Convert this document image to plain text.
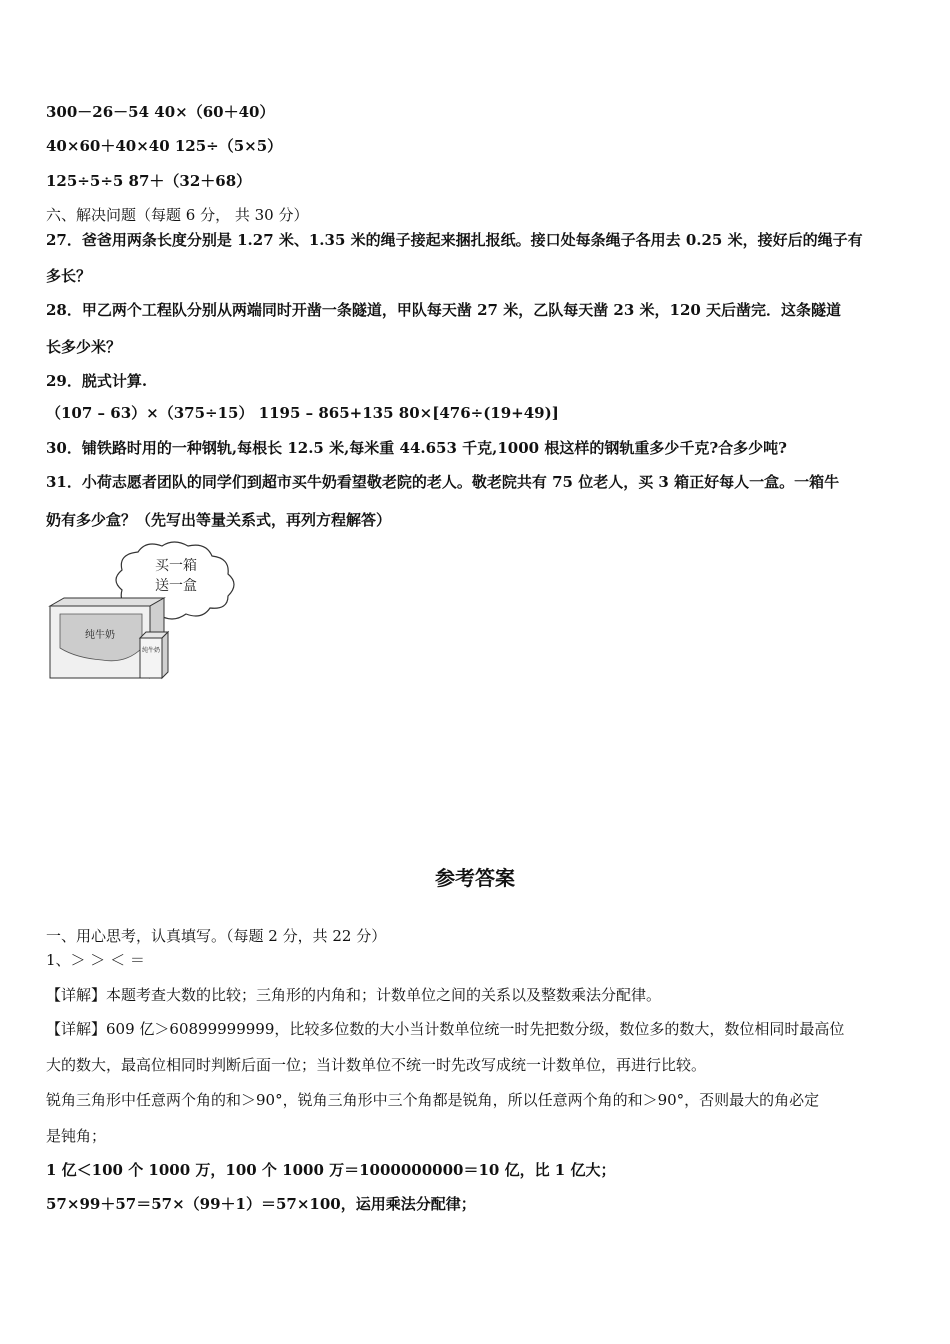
300－26－54 40×（60＋40）
40×60＋40×40 125÷（5×5）
125÷5÷5 87＋（32＋68）
六、解决问题（每题 6 分， 共 30 分）
27．爸爸用两条长度分别是 1.27 米、1.35 米的绳子接起来捆扎报纸。接口处每条绳子各用去 0.25 米，接好后的绳子有
多长？
28．甲乙两个工程队分别从两端同时开凿一条隧道，甲队每天凿 27 米，乙队每天凿 23 米，120 天后凿完．这条隧道
长多少米？
29．脱式计算.
（107 – 63）×（375÷15） 1195 – 865+135 80×[476÷(19+49)]
30．铺铁路时用的一种钢轨,每根长 12.5 米,每米重 44.653 千克,1000 根这样的钢轨重多少千克?合多少吨?
31．小荷志愿者团队的同学们到超市买牛奶看望敬老院的老人。敬老院共有 75 位老人，买 3 箱正好每人一盒。一箱牛
奶有多少盒？（先写出等量关系式，再列方程解答）
买一箱
送一盒
纯牛奶
纯牛奶
参考答案
一、用心思考，认真填写。（每题 2 分，共 22 分）
1、＞ ＞ ＜ ＝
【详解】本题考查大数的比较；三角形的内角和；计数单位之间的关系以及整数乘法分配律。
【详解】609 亿＞60899999999，比较多位数的大小当计数单位统一时先把数分级，数位多的数大，数位相同时最高位
大的数大，最高位相同时判断后面一位；当计数单位不统一时先改写成统一计数单位，再进行比较。
锐角三角形中任意两个角的和＞90°，锐角三角形中三个角都是锐角，所以任意两个角的和＞90°，否则最大的角必定
是钝角；
1 亿＜100 个 1000 万，100 个 1000 万＝1000000000＝10 亿，比 1 亿大；
57×99＋57＝57×（99＋1）＝57×100，运用乘法分配律；
